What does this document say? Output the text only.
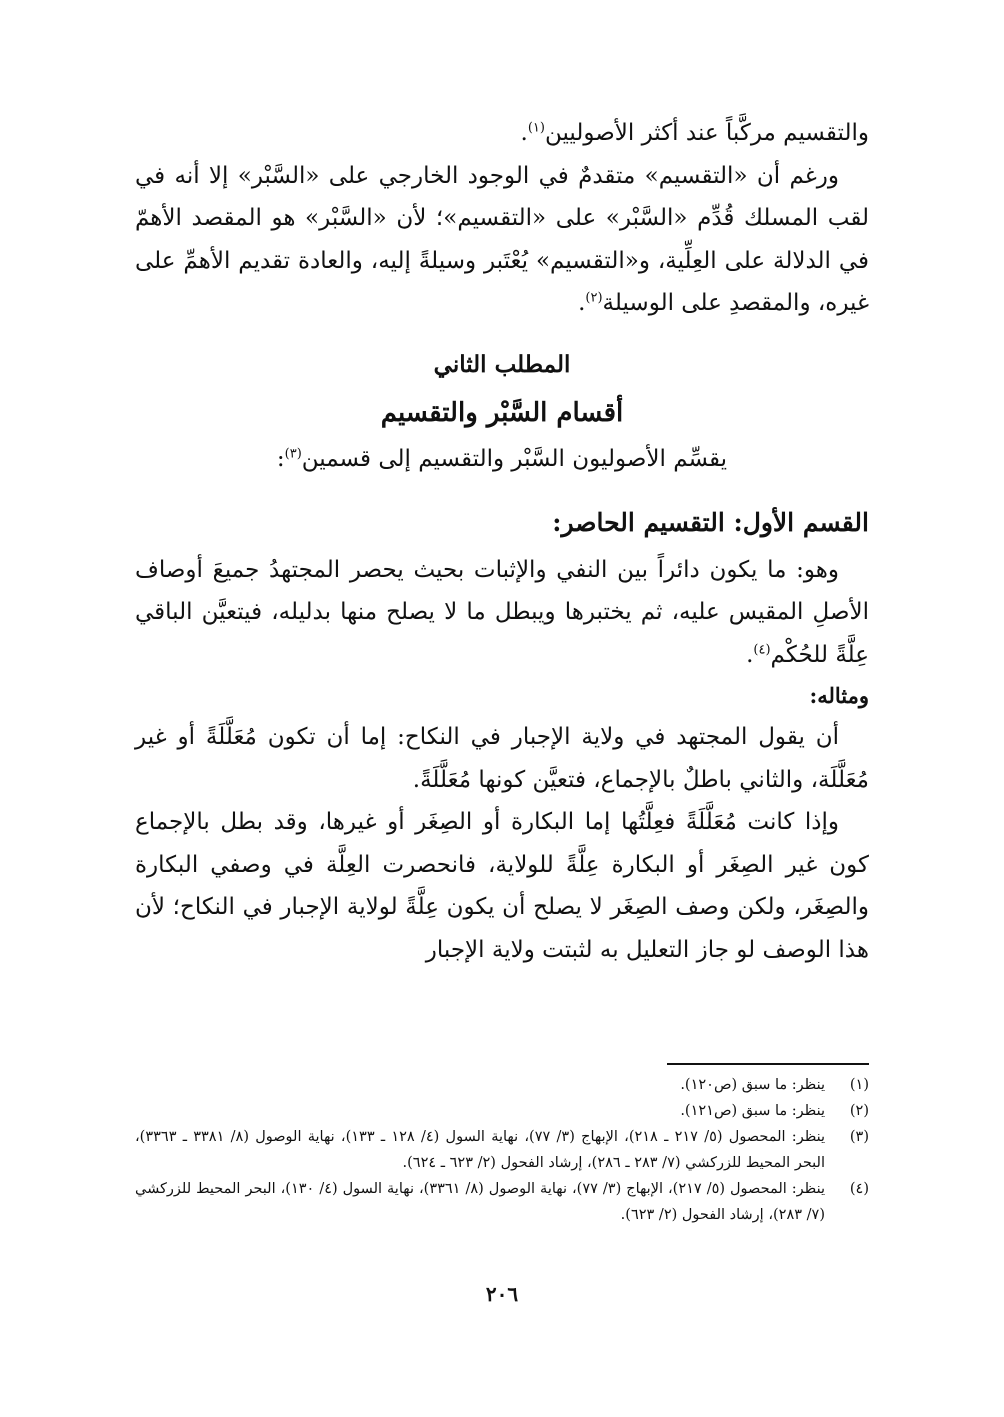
والتقسيم مركَّباً عند أكثر الأصوليين$^{(١)}$.

ورغم أن «التقسيم» متقدمٌ في الوجود الخارجي على «السَّبْر» إلا أنه في لقب المسلك قُدِّم «السَّبْر» على «التقسيم»؛ لأن «السَّبْر» هو المقصد الأهمّ في الدلالة على العِلِّية، و«التقسيم» يُعْتَبر وسيلةً إليه، والعادة تقديم الأهمِّ على غيره، والمقصدِ على الوسيلة$^{(٢)}$.

المطلب الثاني
أقسام السَّبْر والتقسيم
يقسِّم الأصوليون السَّبْر والتقسيم إلى قسمين$^{(٣)}$:
القسم الأول: التقسيم الحاصر:

وهو: ما يكون دائراً بين النفي والإثبات بحيث يحصر المجتهدُ جميعَ أوصاف الأصلِ المقيس عليه، ثم يختبرها ويبطل ما لا يصلح منها بدليله، فيتعيَّن الباقي عِلَّةً للحُكْم$^{(٤)}$.

ومثاله:

أن يقول المجتهد في ولاية الإجبار في النكاح: إما أن تكون مُعَلَّلَةً أو غير مُعَلَّلَة، والثاني باطلٌ بالإجماع، فتعيَّن كونها مُعَلَّلَةً.

وإذا كانت مُعَلَّلَةً فعِلَّتُها إما البكارة أو الصِغَر أو غيرها، وقد بطل بالإجماع كون غير الصِغَر أو البكارة عِلَّةً للولاية، فانحصرت العِلَّة في وصفي البكارة والصِغَر، ولكن وصف الصِغَر لا يصلح أن يكون عِلَّةً لولاية الإجبار في النكاح؛ لأن هذا الوصف لو جاز التعليل به لثبتت ولاية الإجبار

(١)
ينظر: ما سبق (ص١٢٠).
(٢)
ينظر: ما سبق (ص١٢١).
(٣)
ينظر: المحصول (٥/ ٢١٧ ـ ٢١٨)، الإبهاج (٣/ ٧٧)، نهاية السول (٤/ ١٢٨ ـ ١٣٣)، نهاية الوصول (٨/ ٣٣٨١ ـ ٣٣٦٣)، البحر المحيط للزركشي (٧/ ٢٨٣ ـ ٢٨٦)، إرشاد الفحول (٢/ ٦٢٣ ـ ٦٢٤).
(٤)
ينظر: المحصول (٥/ ٢١٧)، الإبهاج (٣/ ٧٧)، نهاية الوصول (٨/ ٣٣٦١)، نهاية السول (٤/ ١٣٠)، البحر المحيط للزركشي (٧/ ٢٨٣)، إرشاد الفحول (٢/ ٦٢٣).
٢٠٦
